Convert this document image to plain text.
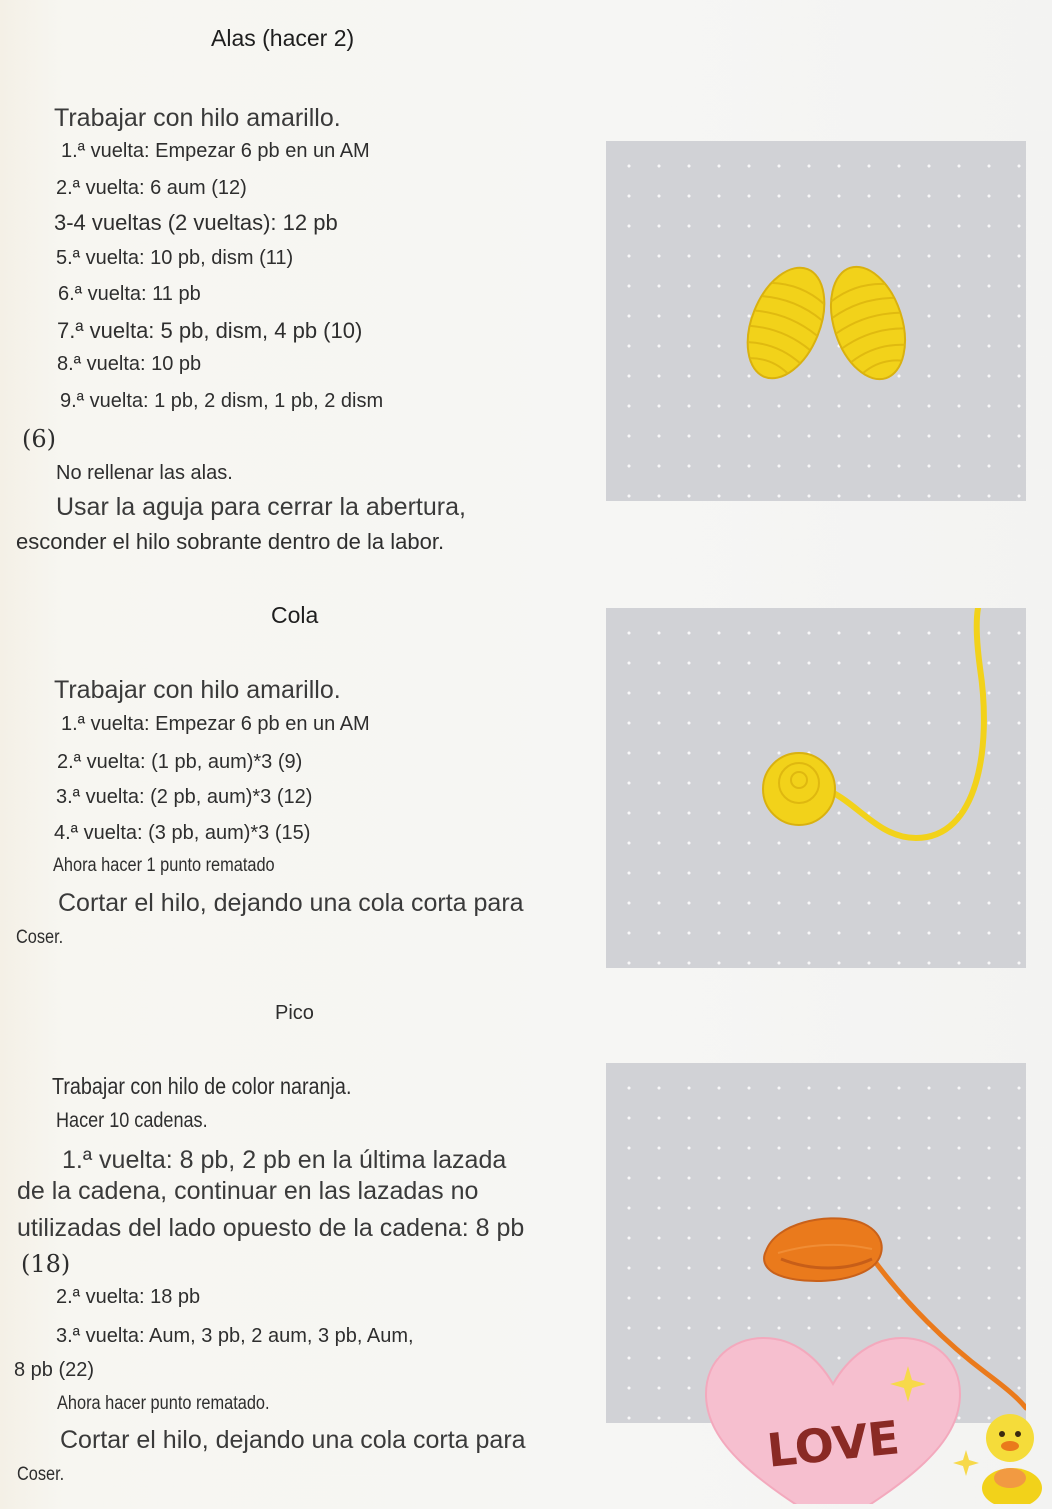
Alas (hacer 2)
Trabajar con hilo amarillo.
1.ª vuelta: Empezar 6 pb en un AM
2.ª vuelta: 6 aum (12)
3-4 vueltas (2 vueltas): 12 pb
5.ª vuelta: 10 pb, dism (11)
6.ª vuelta: 11 pb
7.ª vuelta: 5 pb, dism, 4 pb (10)
8.ª vuelta: 10 pb
9.ª vuelta: 1 pb, 2 dism, 1 pb, 2 dism
(6)
No rellenar las alas.
Usar la aguja para cerrar la abertura,
esconder el hilo sobrante dentro de la labor.
Cola
Trabajar con hilo amarillo.
1.ª vuelta: Empezar 6 pb en un AM
2.ª vuelta: (1 pb, aum)*3 (9)
3.ª vuelta: (2 pb, aum)*3 (12)
4.ª vuelta: (3 pb, aum)*3 (15)
Ahora hacer 1 punto rematado
Cortar el hilo, dejando una cola corta para
Coser.
Pico
Trabajar con hilo de color naranja.
Hacer 10 cadenas.
1.ª vuelta: 8 pb, 2 pb en la última lazada
de la cadena, continuar en las lazadas no
utilizadas del lado opuesto de la cadena: 8 pb
(18)
2.ª vuelta: 18 pb
3.ª vuelta: Aum, 3 pb, 2 aum, 3 pb, Aum,
8 pb (22)
Ahora hacer punto rematado.
Cortar el hilo, dejando una cola corta para
Coser.	LOVE
